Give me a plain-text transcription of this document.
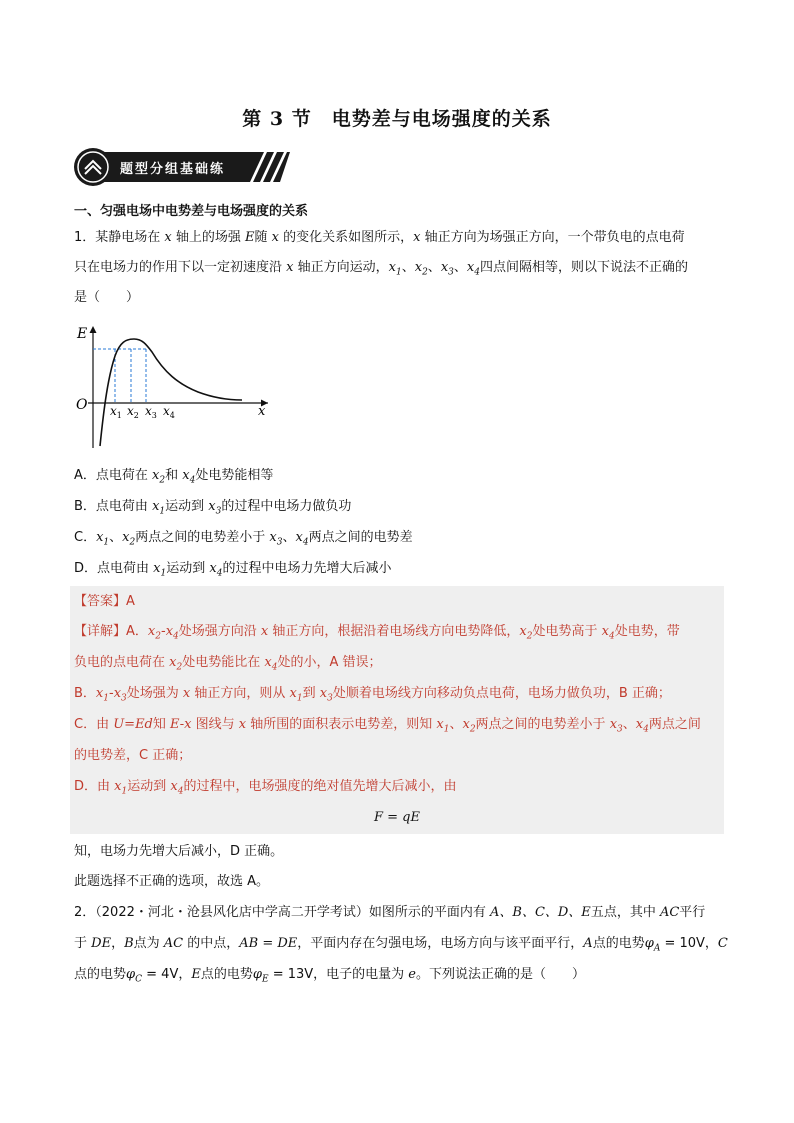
第 3 节　电势差与电场强度的关系
题型分组基础练
一、匀强电场中电势差与电场强度的关系
1．某静电场在 x 轴上的场强 E随 x 的变化关系如图所示，x 轴正方向为场强正方向，一个带负电的点电荷
只在电场力的作用下以一定初速度沿 x 轴正方向运动，$x_1$、$x_2$、$x_3$、$x_4$四点间隔相等，则以下说法不正确的
是（　　）
E
O	x
$x_1$ $x_2$ $x_3$ $x_4$
A．点电荷在 $x_2$和 $x_4$处电势能相等
B．点电荷由 $x_1$运动到 $x_3$的过程中电场力做负功
C．$x_1$、$x_2$两点之间的电势差小于 $x_3$、$x_4$两点之间的电势差
D．点电荷由 $x_1$运动到 $x_4$的过程中电场力先增大后减小
【答案】A
【详解】A．$x_2-x_4$处场强方向沿 x 轴正方向，根据沿着电场线方向电势降低，$x_2$处电势高于 $x_4$处电势，带
负电的点电荷在 $x_2$处电势能比在 $x_4$处的小，A 错误；
B．$x_1-x_3$处场强为 x 轴正方向，则从 $x_1$到 $x_3$处顺着电场线方向移动负点电荷，电场力做负功，B 正确；
C．由 U=Ed知 E-x 图线与 x 轴所围的面积表示电势差，则知 $x_1$、$x_2$两点之间的电势差小于 $x_3$、$x_4$两点之间
的电势差，C 正确；
D．由 $x_1$运动到 $x_4$的过程中，电场强度的绝对值先增大后减小，由
F = qE
知，电场力先增大后减小，D 正确。
此题选择不正确的选项，故选 A。
2．（2022・河北・沧县风化店中学高二开学考试）如图所示的平面内有 A、B、C、D、E五点，其中 AC平行
于 DE，B点为 AC 的中点，AB = DE，平面内存在匀强电场，电场方向与该平面平行，A点的电势$\varphi_A = 10V$，C
点的电势$\varphi_C = 4V$，E点的电势$\varphi_E = 13V$，电子的电量为 e。下列说法正确的是（　　）
